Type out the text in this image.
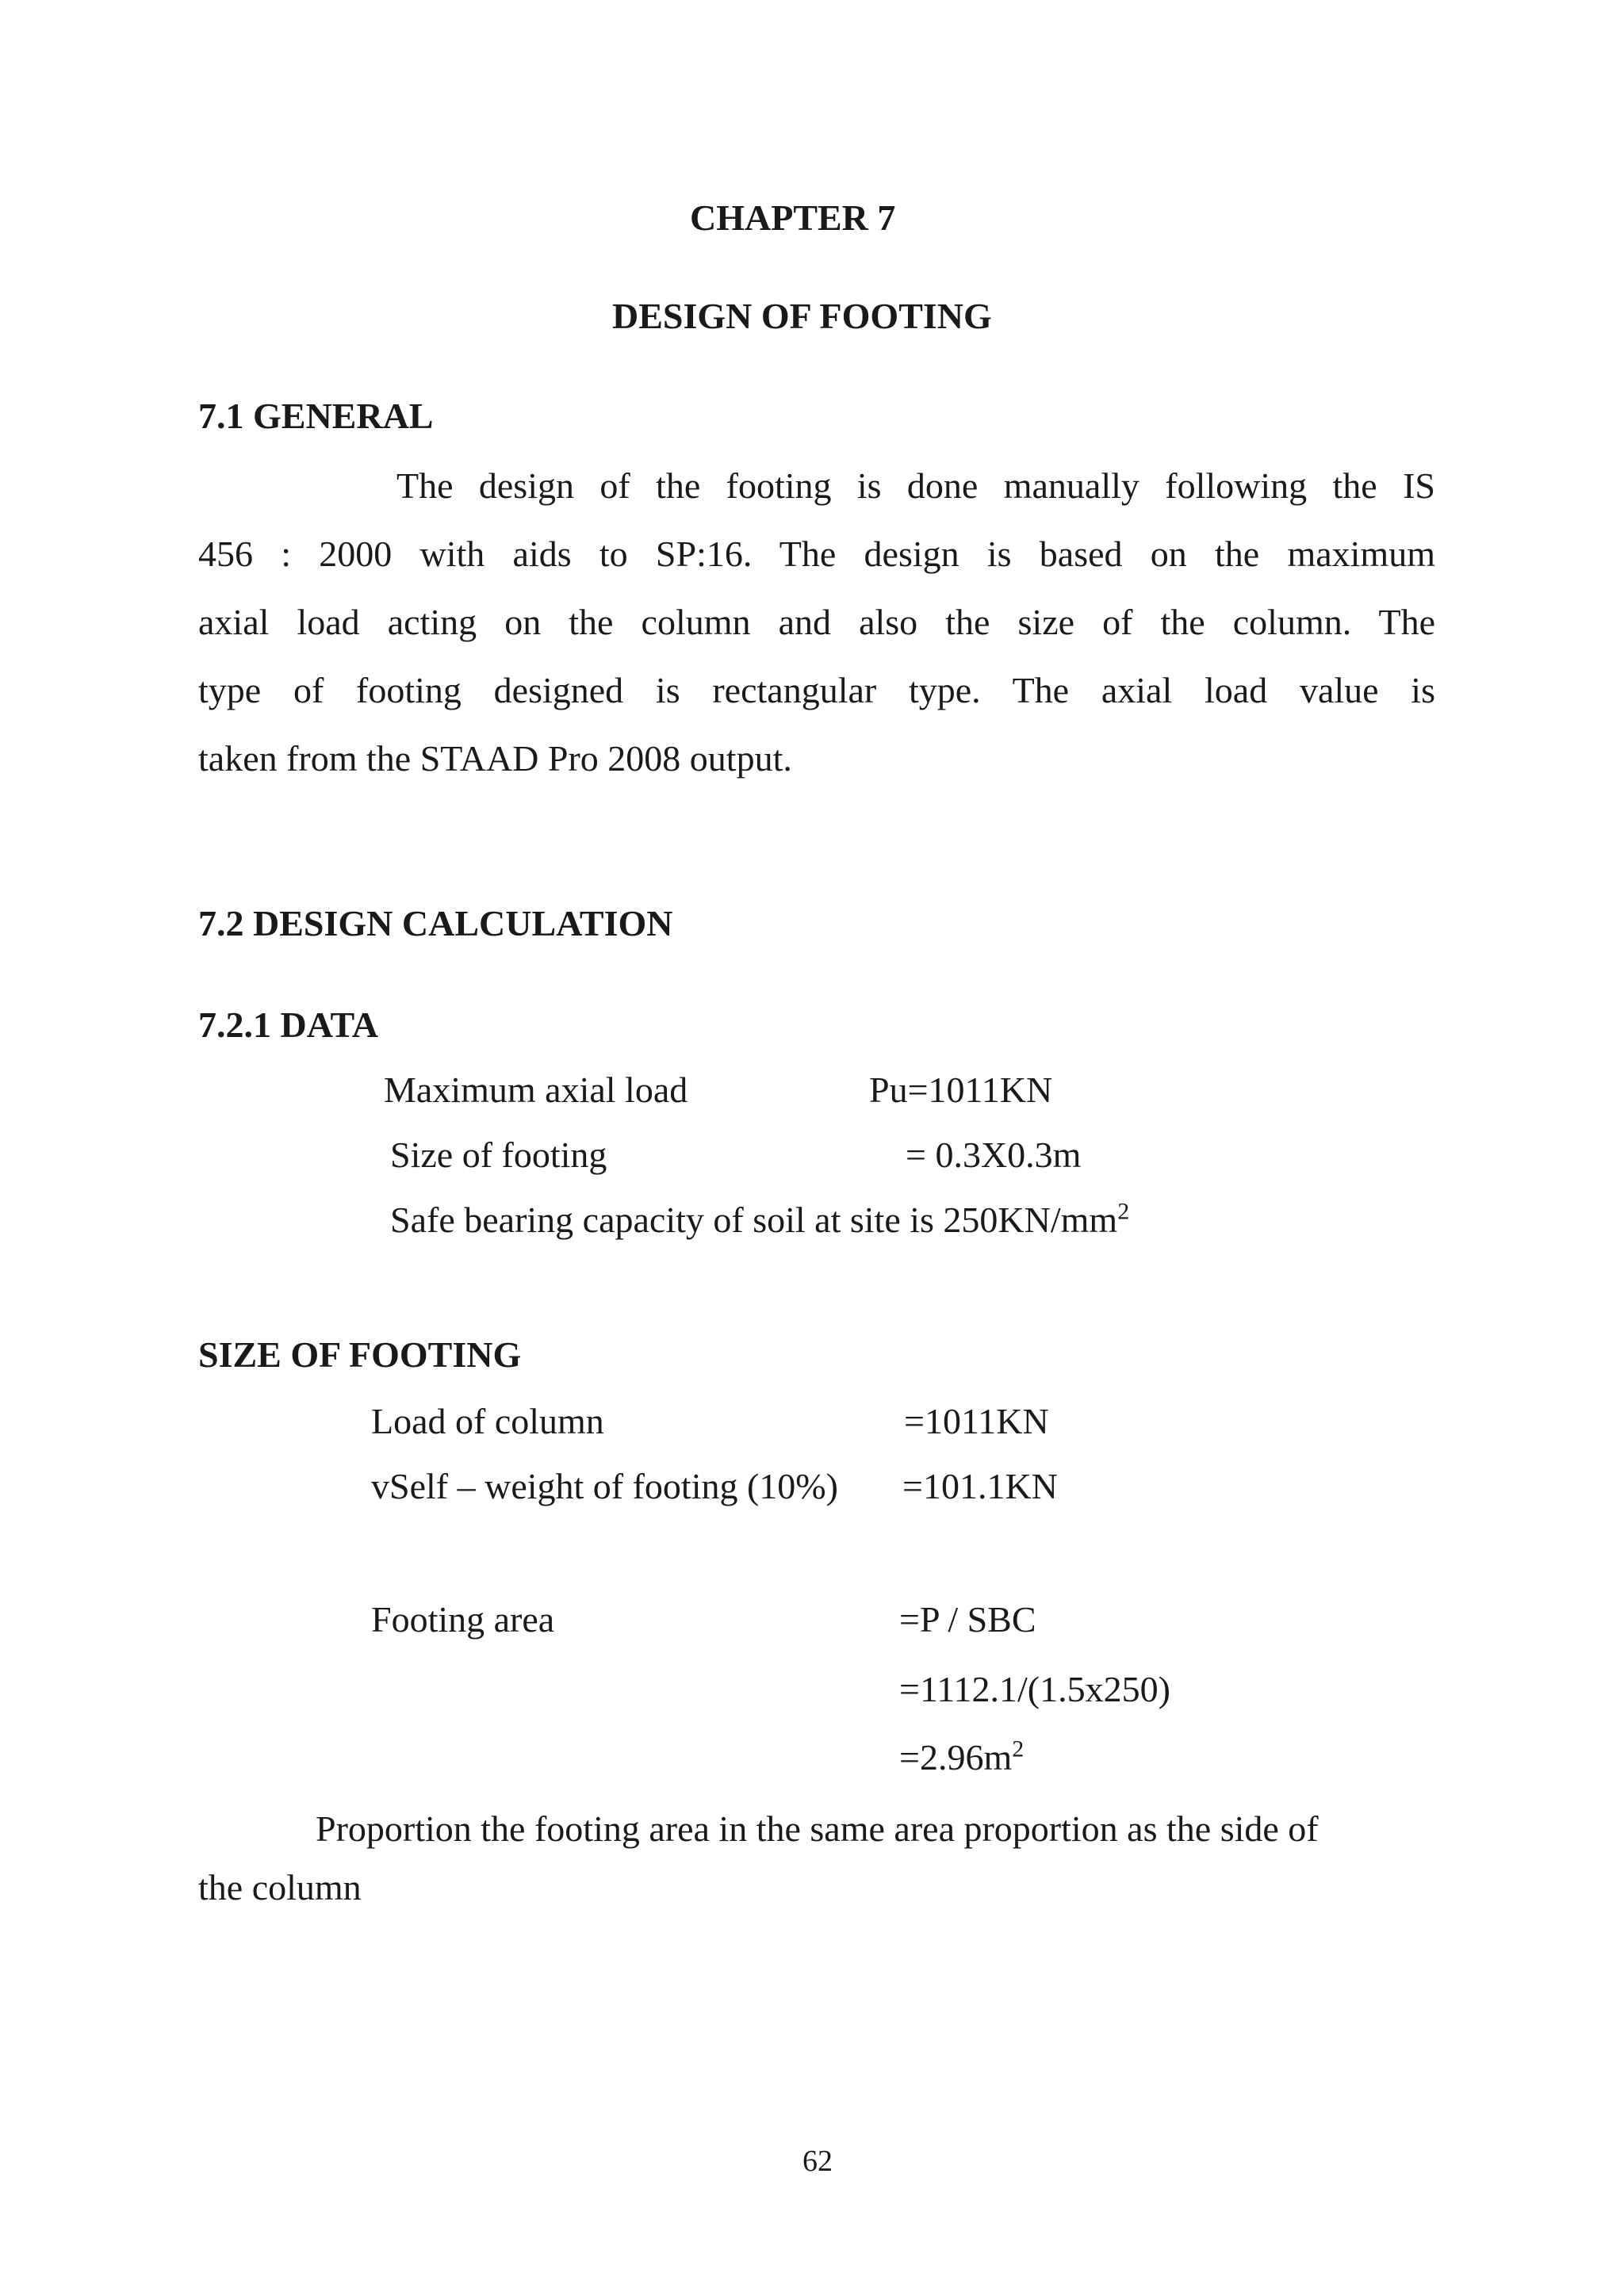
CHAPTER 7
DESIGN OF FOOTING
7.1 GENERAL
The design of the footing is done manually following the IS
456 : 2000 with aids to SP:16. The design is based on the maximum
axial load acting on the column and also the size of the column. The
type of footing designed is rectangular type. The axial load value is
taken from the STAAD Pro 2008 output.
7.2 DESIGN CALCULATION
7.2.1 DATA
Maximum axial load	Pu=1011KN
Size of footing	= 0.3X0.3m
Safe bearing capacity of soil at site is $250KN/mm^2$
SIZE OF FOOTING
Load of column	=1011KN
vSelf – weight of footing (10%) =101.1KN
Footing area	=P / SBC
=1112.1/(1.5x250)
$=2.96m^2$
Proportion the footing area in the same area proportion as the side of
the column
62
